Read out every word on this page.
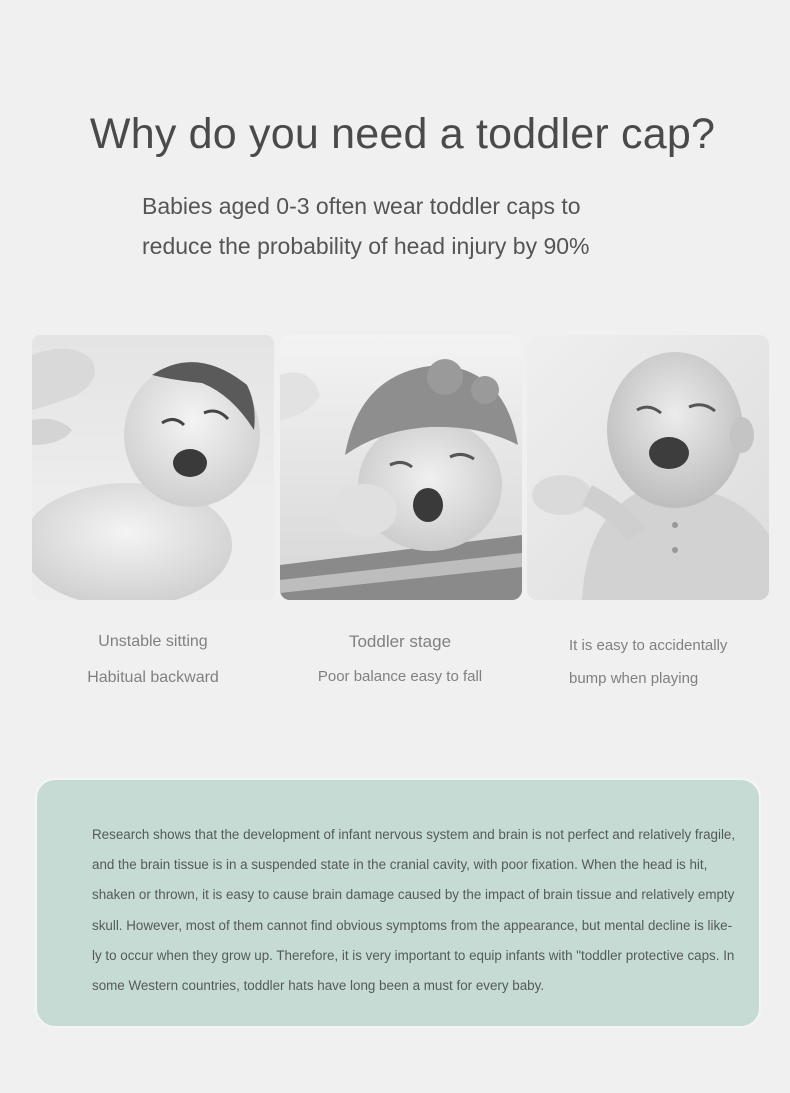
Why do you need a toddler cap?

Babies aged 0-3 often wear toddler caps to
reduce the probability of head injury by 90%

Unstable sitting

Habitual backward

Toddler stage

Poor balance easy to fall

It is easy to accidentally
bump when playing

Research shows that the development of infant nervous system and brain is not perfect and relatively fragile,
and the brain tissue is in a suspended state in the cranial cavity, with poor fixation. When the head is hit,
shaken or thrown, it is easy to cause brain damage caused by the impact of brain tissue and relatively empty
skull. However, most of them cannot find obvious symptoms from the appearance, but mental decline is like-
ly to occur when they grow up. Therefore, it is very important to equip infants with "toddler protective caps. In
some Western countries, toddler hats have long been a must for every baby.
